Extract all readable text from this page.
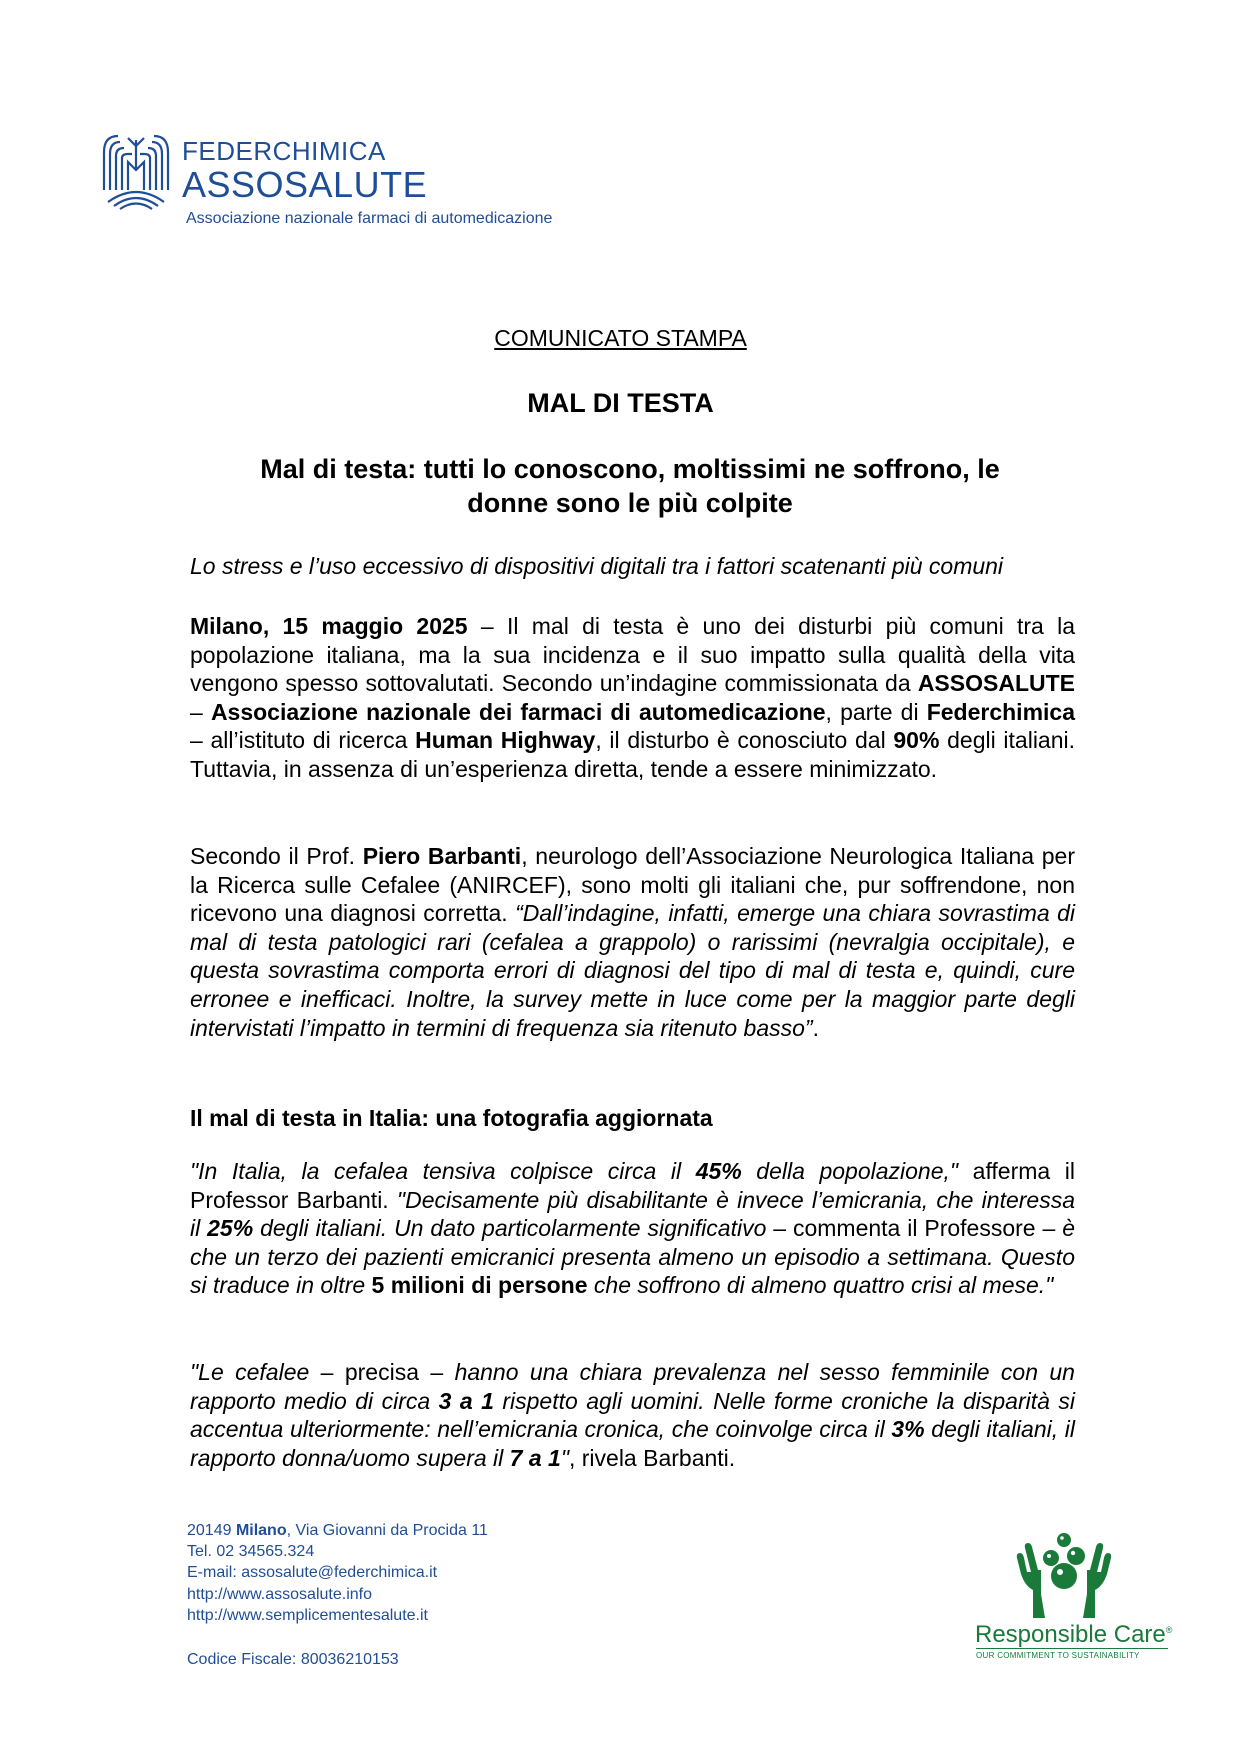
FEDERCHIMICA
ASSOSALUTE
Associazione nazionale farmaci di automedicazione
COMUNICATO STAMPA
MAL DI TESTA
Mal di testa: tutti lo conoscono, moltissimi ne soffrono, le
donne sono le più colpite
Lo stress e l’uso eccessivo di dispositivi digitali tra i fattori scatenanti più comuni
Milano, 15 maggio 2025 – Il mal di testa è uno dei disturbi più comuni tra la popolazione italiana, ma la sua incidenza e il suo impatto sulla qualità della vita vengono spesso sottovalutati. Secondo un’indagine commissionata da ASSOSALUTE – Associazione nazionale dei farmaci di automedicazione, parte di Federchimica – all’istituto di ricerca Human Highway, il disturbo è conosciuto dal 90% degli italiani. Tuttavia, in assenza di un’esperienza diretta, tende a essere minimizzato.
Secondo il Prof. Piero Barbanti, neurologo dell’Associazione Neurologica Italiana per la Ricerca sulle Cefalee (ANIRCEF), sono molti gli italiani che, pur soffrendone, non ricevono una diagnosi corretta. “Dall’indagine, infatti, emerge una chiara sovrastima di mal di testa patologici rari (cefalea a grappolo) o rarissimi (nevralgia occipitale), e questa sovrastima comporta errori di diagnosi del tipo di mal di testa e, quindi, cure erronee e inefficaci. Inoltre, la survey mette in luce come per la maggior parte degli intervistati l’impatto in termini di frequenza sia ritenuto basso”.
Il mal di testa in Italia: una fotografia aggiornata
"In Italia, la cefalea tensiva colpisce circa il 45% della popolazione," afferma il Professor Barbanti. "Decisamente più disabilitante è invece l’emicrania, che interessa il 25% degli italiani. Un dato particolarmente significativo – commenta il Professore – è che un terzo dei pazienti emicranici presenta almeno un episodio a settimana. Questo si traduce in oltre 5 milioni di persone che soffrono di almeno quattro crisi al mese."
"Le cefalee – precisa – hanno una chiara prevalenza nel sesso femminile con un rapporto medio di circa 3 a 1 rispetto agli uomini. Nelle forme croniche la disparità si accentua ulteriormente: nell’emicrania cronica, che coinvolge circa il 3% degli italiani, il rapporto donna/uomo supera il 7 a 1", rivela Barbanti.
20149 Milano, Via Giovanni da Procida 11
Tel. 02 34565.324
E-mail: assosalute@federchimica.it
http://www.assosalute.info
http://www.semplicementesalute.it
Codice Fiscale: 80036210153
Responsible Care®
OUR COMMITMENT TO SUSTAINABILITY
